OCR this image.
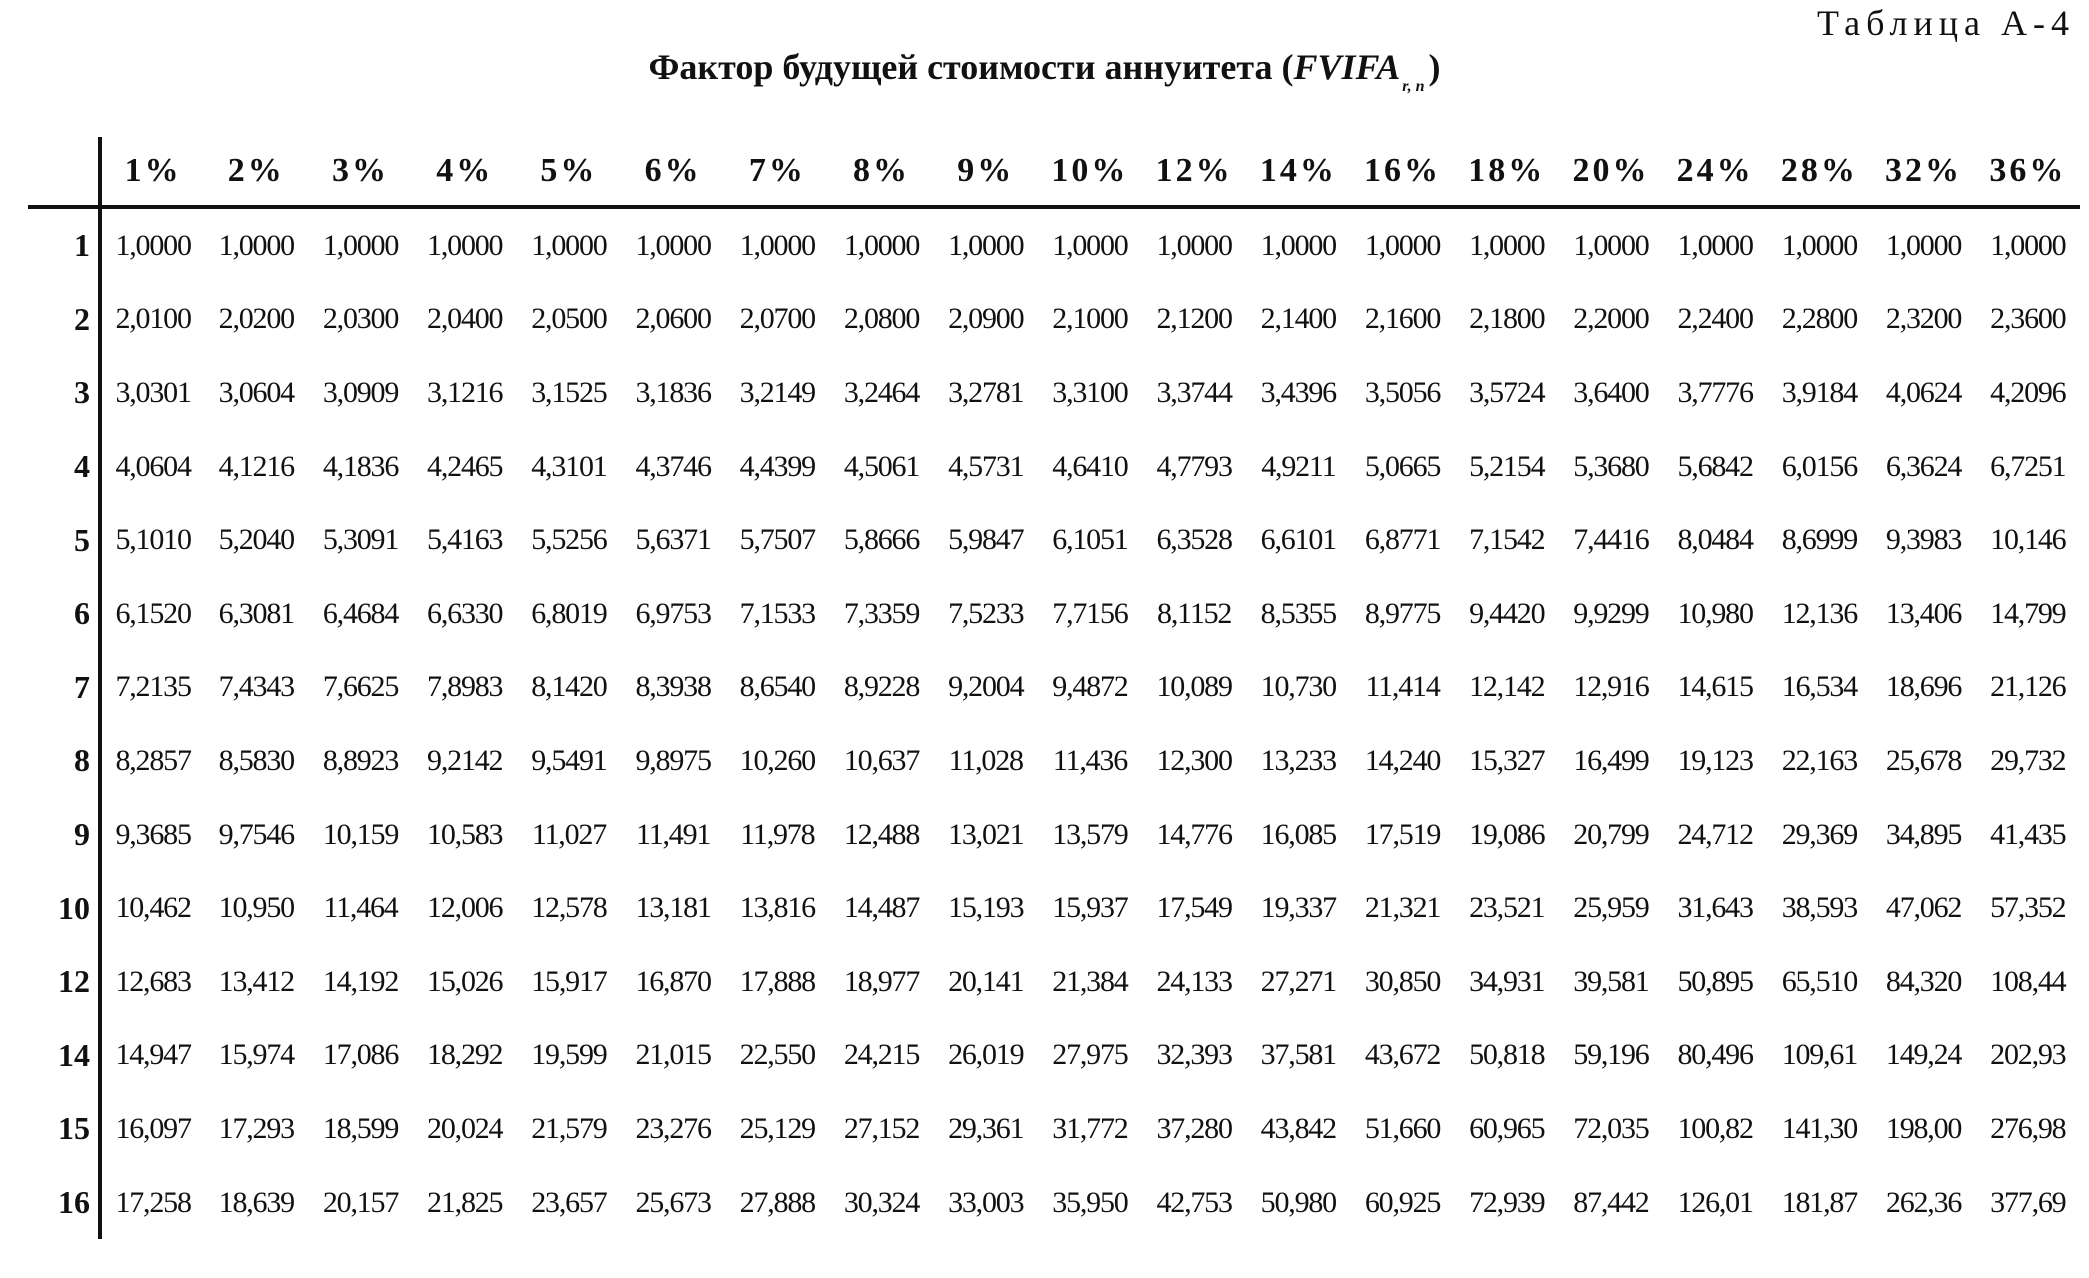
Таблица А-4
Фактор будущей стоимости аннуитета (FVIFA $_{r, n}$ )
	1%	2%	3%	4%	5%	6%	7%	8%	9%	10%	12%	14%	16%	18%	20%	24%	28%	32%	36%
1	1,0000	1,0000	1,0000	1,0000	1,0000	1,0000	1,0000	1,0000	1,0000	1,0000	1,0000	1,0000	1,0000	1,0000	1,0000	1,0000	1,0000	1,0000	1,0000
2	2,0100	2,0200	2,0300	2,0400	2,0500	2,0600	2,0700	2,0800	2,0900	2,1000	2,1200	2,1400	2,1600	2,1800	2,2000	2,2400	2,2800	2,3200	2,3600
3	3,0301	3,0604	3,0909	3,1216	3,1525	3,1836	3,2149	3,2464	3,2781	3,3100	3,3744	3,4396	3,5056	3,5724	3,6400	3,7776	3,9184	4,0624	4,2096
4	4,0604	4,1216	4,1836	4,2465	4,3101	4,3746	4,4399	4,5061	4,5731	4,6410	4,7793	4,9211	5,0665	5,2154	5,3680	5,6842	6,0156	6,3624	6,7251
5	5,1010	5,2040	5,3091	5,4163	5,5256	5,6371	5,7507	5,8666	5,9847	6,1051	6,3528	6,6101	6,8771	7,1542	7,4416	8,0484	8,6999	9,3983	10,146
6	6,1520	6,3081	6,4684	6,6330	6,8019	6,9753	7,1533	7,3359	7,5233	7,7156	8,1152	8,5355	8,9775	9,4420	9,9299	10,980	12,136	13,406	14,799
7	7,2135	7,4343	7,6625	7,8983	8,1420	8,3938	8,6540	8,9228	9,2004	9,4872	10,089	10,730	11,414	12,142	12,916	14,615	16,534	18,696	21,126
8	8,2857	8,5830	8,8923	9,2142	9,5491	9,8975	10,260	10,637	11,028	11,436	12,300	13,233	14,240	15,327	16,499	19,123	22,163	25,678	29,732
9	9,3685	9,7546	10,159	10,583	11,027	11,491	11,978	12,488	13,021	13,579	14,776	16,085	17,519	19,086	20,799	24,712	29,369	34,895	41,435
10	10,462	10,950	11,464	12,006	12,578	13,181	13,816	14,487	15,193	15,937	17,549	19,337	21,321	23,521	25,959	31,643	38,593	47,062	57,352
12	12,683	13,412	14,192	15,026	15,917	16,870	17,888	18,977	20,141	21,384	24,133	27,271	30,850	34,931	39,581	50,895	65,510	84,320	108,44
14	14,947	15,974	17,086	18,292	19,599	21,015	22,550	24,215	26,019	27,975	32,393	37,581	43,672	50,818	59,196	80,496	109,61	149,24	202,93
15	16,097	17,293	18,599	20,024	21,579	23,276	25,129	27,152	29,361	31,772	37,280	43,842	51,660	60,965	72,035	100,82	141,30	198,00	276,98
16	17,258	18,639	20,157	21,825	23,657	25,673	27,888	30,324	33,003	35,950	42,753	50,980	60,925	72,939	87,442	126,01	181,87	262,36	377,69
